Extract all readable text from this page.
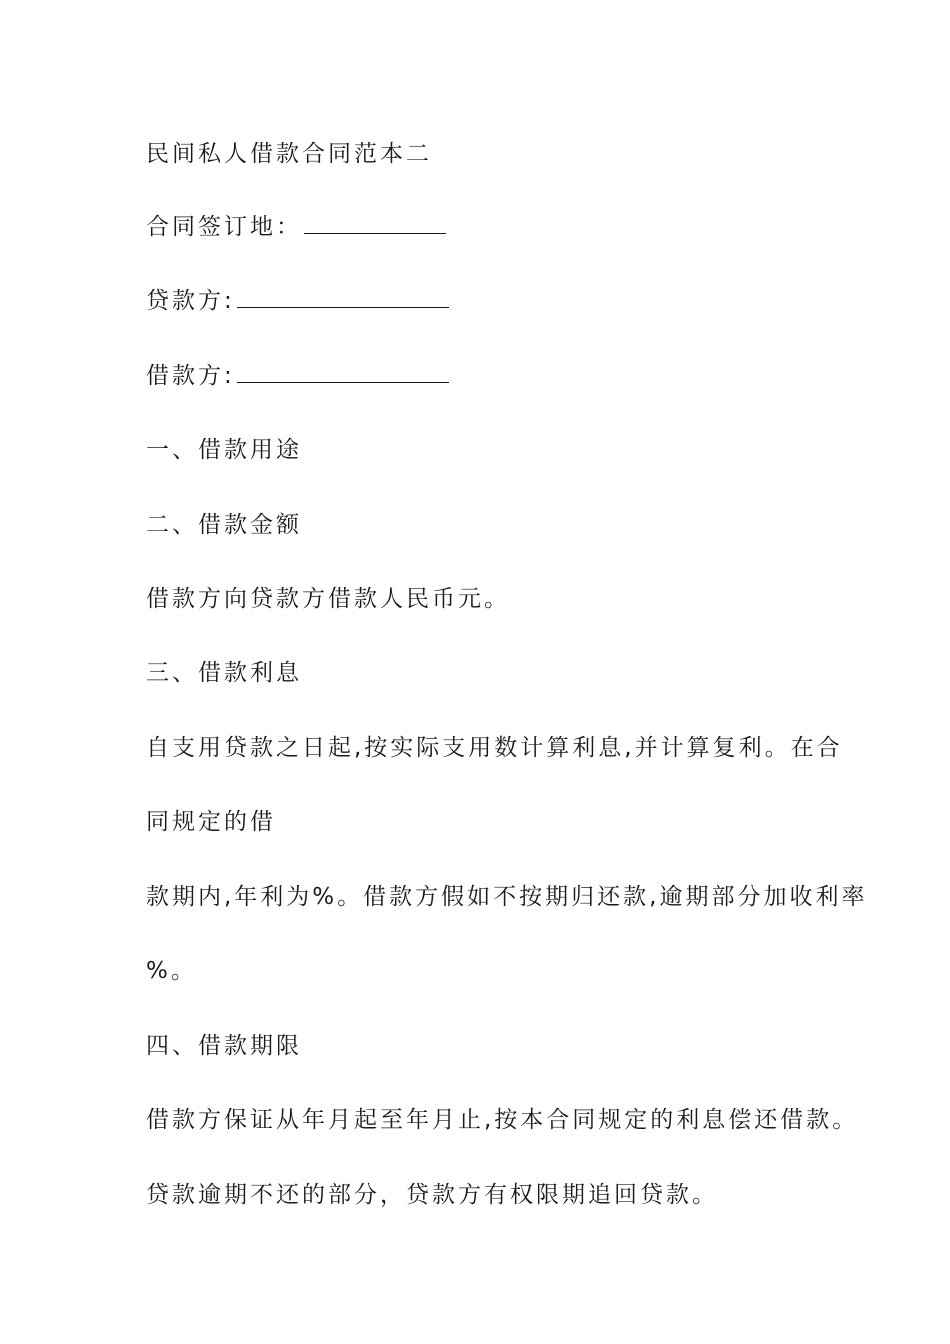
民间私人借款合同范本二
合同签订地：
贷款方:
借款方:
一、借款用途
二、借款金额
借款方向贷款方借款人民币元。
三、借款利息
自支用贷款之日起,按实际支用数计算利息,并计算复利。在合
同规定的借
款期内,年利为%。借款方假如不按期归还款,逾期部分加收利率
%。
四、借款期限
借款方保证从年月起至年月止,按本合同规定的利息偿还借款。
贷款逾期不还的部分，贷款方有权限期追回贷款。
